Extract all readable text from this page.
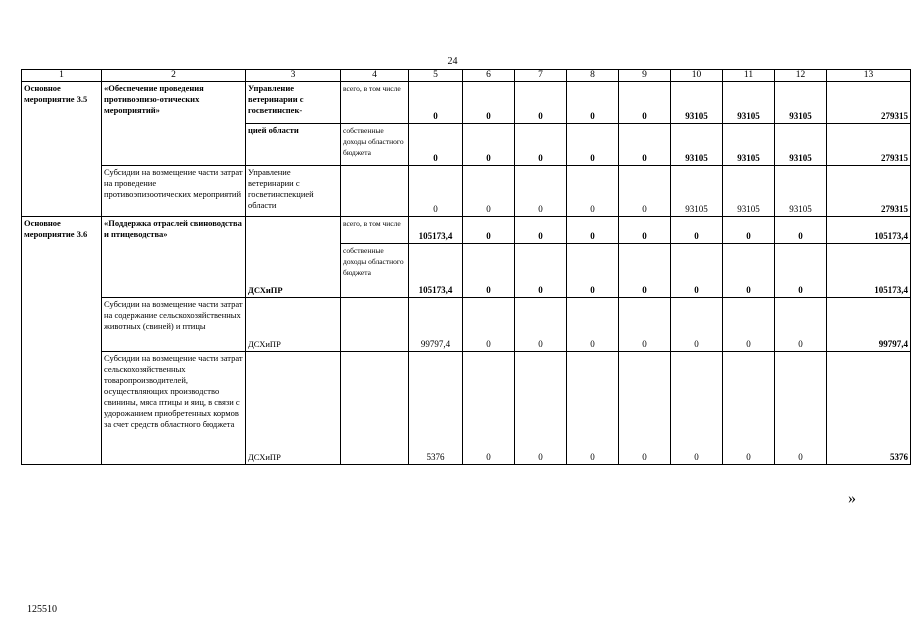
24
1	2	3	4	5	6	7	8	9	10	11	12	13
Основное мероприятие 3.5	«Обеспечение проведения противоэпизо-отических мероприятий»	Управление ветеринарии с госветинспек-	всего, в том числе	0	0	0	0	0	93105	93105	93105	279315
		цией области	собственные доходы областного бюджета	0	0	0	0	0	93105	93105	93105	279315
	Субсидии на возмещение части затрат на проведение противоэпизоотических мероприятий	Управление ветеринарии с госветинспекцией области		0	0	0	0	0	93105	93105	93105	279315
Основное мероприятие 3.6	«Поддержка отраслей свиноводства и птицеводства»	ДСХиПР	всего, в том числе	105173,4	0	0	0	0	0	0	0	105173,4
			собственные доходы областного бюджета	105173,4	0	0	0	0	0	0	0	105173,4
	Субсидии на возмещение части затрат на содержание сельскохозяйственных животных (свиней) и птицы	ДСХиПР		99797,4	0	0	0	0	0	0	0	99797,4
	Субсидии на возмещение части затрат сельскохозяйственных товаропроизводителей, осуществляющих производство свинины, мяса птицы и яиц, в связи с удорожанием приобретенных кормов за счет средств областного бюджета	ДСХиПР		5376	0	0	0	0	0	0	0	5376
»
125510
